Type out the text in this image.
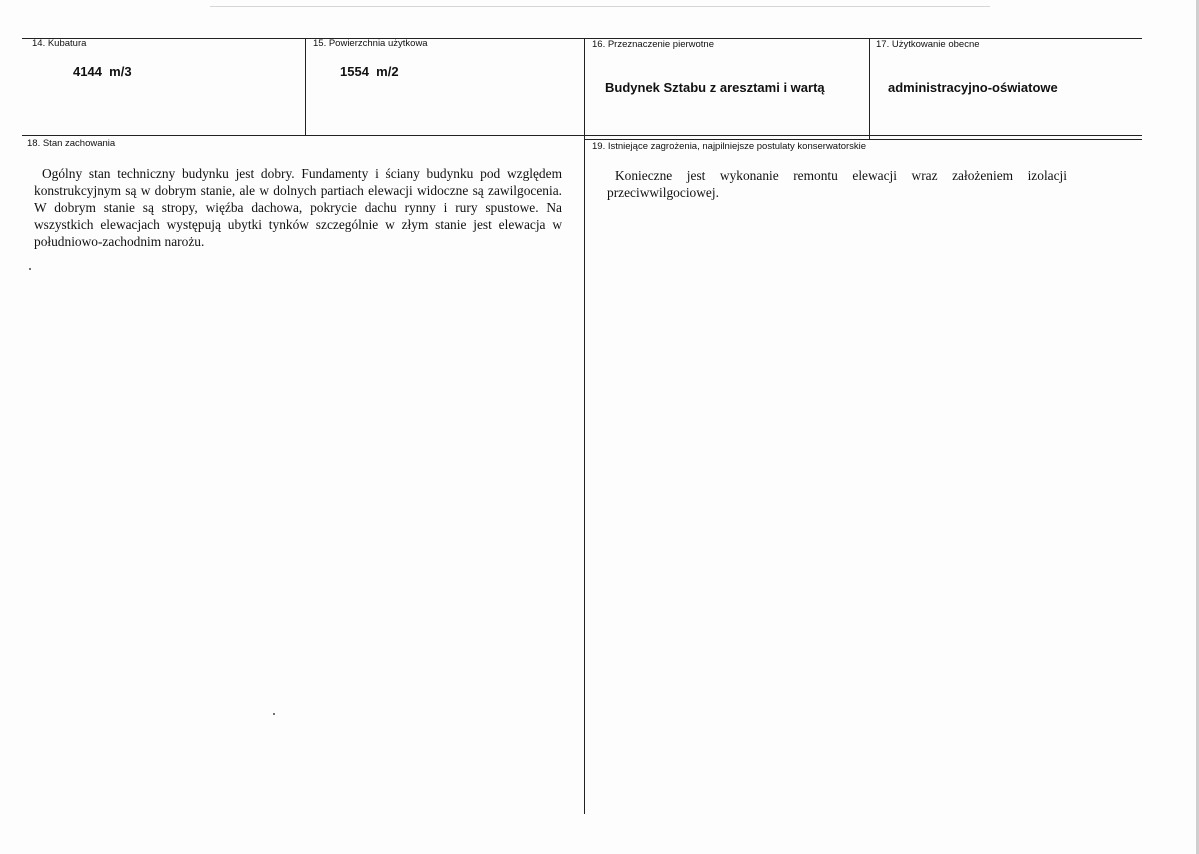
14. Kubatura
4144  m/3
15. Powierzchnia użytkowa
1554  m/2
16. Przeznaczenie pierwotne
Budynek Sztabu z aresztami i wartą
17. Użytkowanie obecne
administracyjno-oświatowe
18. Stan zachowania
Ogólny stan techniczny budynku jest dobry. Fundamenty i ściany budynku pod względem konstrukcyjnym są w dobrym stanie, ale w dolnych partiach elewacji widoczne są zawilgocenia. W dobrym stanie są stropy, więźba dachowa, pokrycie dachu rynny i rury spustowe. Na wszystkich elewacjach występują ubytki tynków szczególnie w złym stanie jest elewacja w południowo-zachodnim narożu.
19. Istniejące zagrożenia, najpilniejsze postulaty konserwatorskie
Konieczne jest wykonanie remontu elewacji wraz założeniem izolacji przeciwwilgociowej.
